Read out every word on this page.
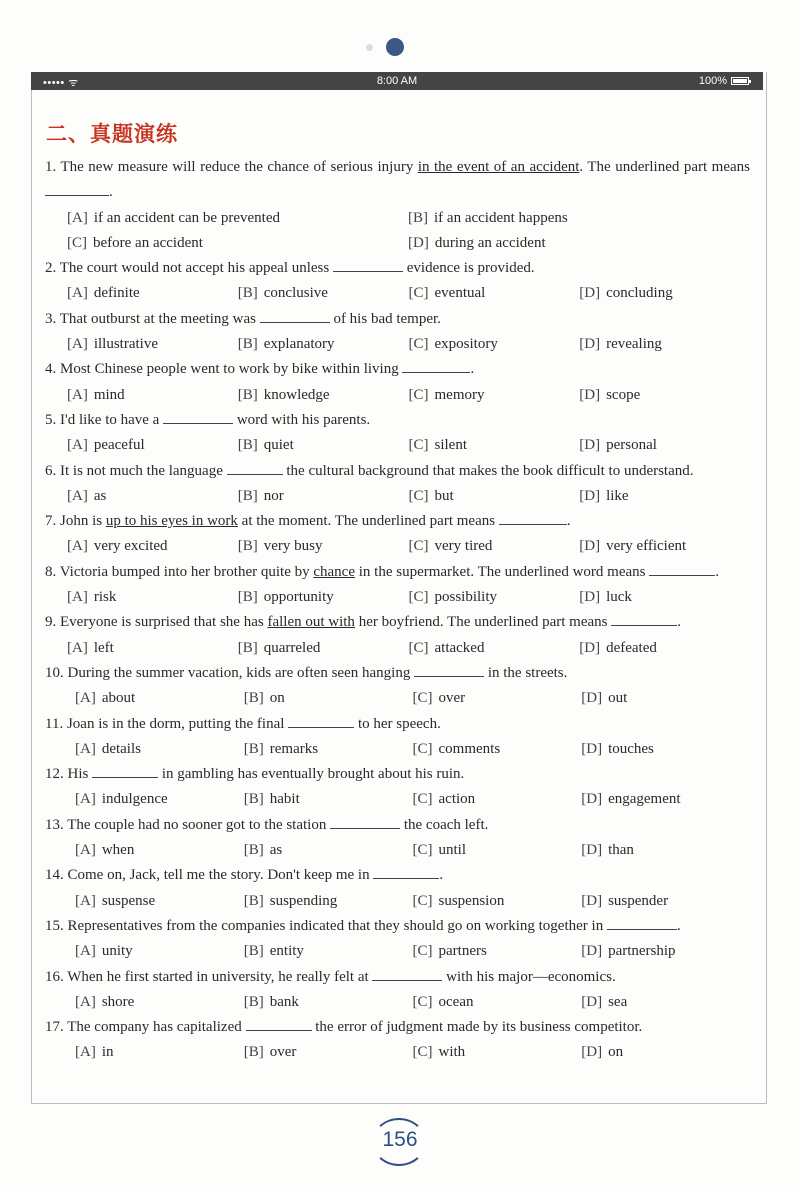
••••• ᯤ	8:00 AM	100%
二、真题演练
1. The new measure will reduce the chance of serious injury in the event of an accident. The underlined part means .
[A] if an accident can be prevented	[B] if an accident happens
[C] before an accident	[D] during an accident
2. The court would not accept his appeal unless	evidence is provided.
[A] definite	[B] conclusive	[C] eventual	[D] concluding
3. That outburst at the meeting was	of his bad temper.
[A] illustrative	[B] explanatory	[C] expository	[D] revealing
4. Most Chinese people went to work by bike within living	.
[A] mind	[B] knowledge	[C] memory	[D] scope
5. I'd like to have a	word with his parents.
[A] peaceful	[B] quiet	[C] silent	[D] personal
6. It is not much the language	the cultural background that makes the book difficult to understand.
[A] as	[B] nor	[C] but	[D] like
7. John is up to his eyes in work at the moment. The underlined part means	.
[A] very excited	[B] very busy	[C] very tired	[D] very efficient
8. Victoria bumped into her brother quite by chance in the supermarket. The underlined word means	.
[A] risk	[B] opportunity	[C] possibility	[D] luck
9. Everyone is surprised that she has fallen out with her boyfriend. The underlined part means	.
[A] left	[B] quarreled	[C] attacked	[D] defeated
10. During the summer vacation, kids are often seen hanging	in the streets.
[A] about	[B] on	[C] over	[D] out
11. Joan is in the dorm, putting the final	to her speech.
[A] details	[B] remarks	[C] comments	[D] touches
12. His	in gambling has eventually brought about his ruin.
[A] indulgence	[B] habit	[C] action	[D] engagement
13. The couple had no sooner got to the station	the coach left.
[A] when	[B] as	[C] until	[D] than
14. Come on, Jack, tell me the story. Don't keep me in	.
[A] suspense	[B] suspending	[C] suspension	[D] suspender
15. Representatives from the companies indicated that they should go on working together in	.
[A] unity	[B] entity	[C] partners	[D] partnership
16. When he first started in university, he really felt at	with his major—economics.
[A] shore	[B] bank	[C] ocean	[D] sea
17. The company has capitalized	the error of judgment made by its business competitor.
[A] in	[B] over	[C] with	[D] on
156
